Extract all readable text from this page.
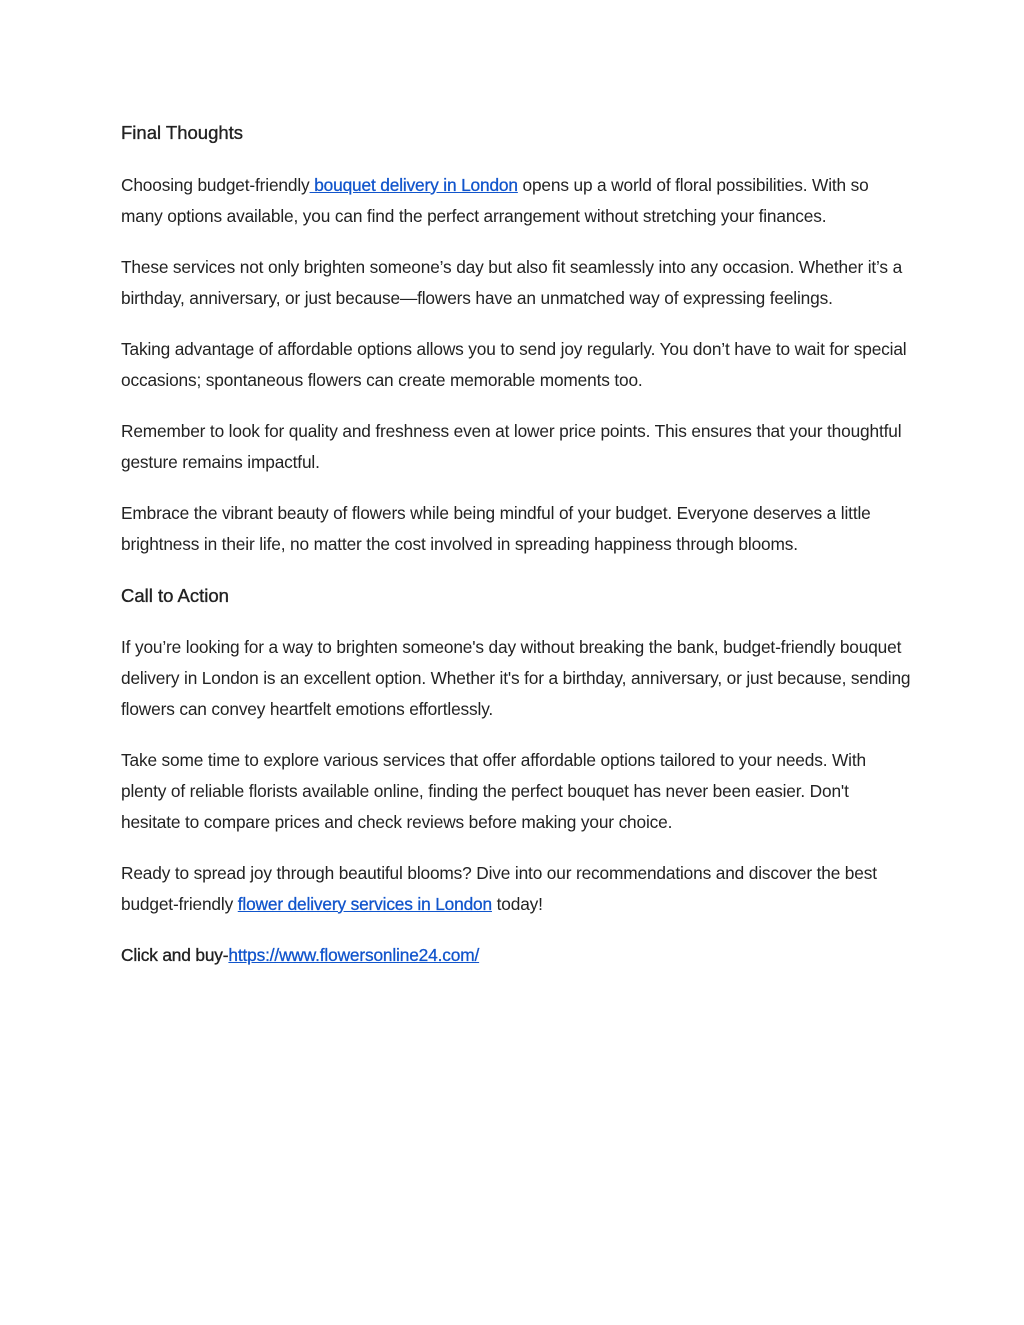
Final Thoughts

Choosing budget-friendly bouquet delivery in London opens up a world of floral possibilities. With so many options available, you can find the perfect arrangement without stretching your finances.

These services not only brighten someone’s day but also fit seamlessly into any occasion. Whether it’s a birthday, anniversary, or just because—flowers have an unmatched way of expressing feelings.

Taking advantage of affordable options allows you to send joy regularly. You don’t have to wait for special occasions; spontaneous flowers can create memorable moments too.

Remember to look for quality and freshness even at lower price points. This ensures that your thoughtful gesture remains impactful.

Embrace the vibrant beauty of flowers while being mindful of your budget. Everyone deserves a little brightness in their life, no matter the cost involved in spreading happiness through blooms.

Call to Action

If you’re looking for a way to brighten someone's day without breaking the bank, budget-friendly bouquet delivery in London is an excellent option. Whether it's for a birthday, anniversary, or just because, sending flowers can convey heartfelt emotions effortlessly.

Take some time to explore various services that offer affordable options tailored to your needs. With plenty of reliable florists available online, finding the perfect bouquet has never been easier. Don't hesitate to compare prices and check reviews before making your choice.

Ready to spread joy through beautiful blooms? Dive into our recommendations and discover the best budget-friendly flower delivery services in London today!

Click and buy-https://www.flowersonline24.com/
